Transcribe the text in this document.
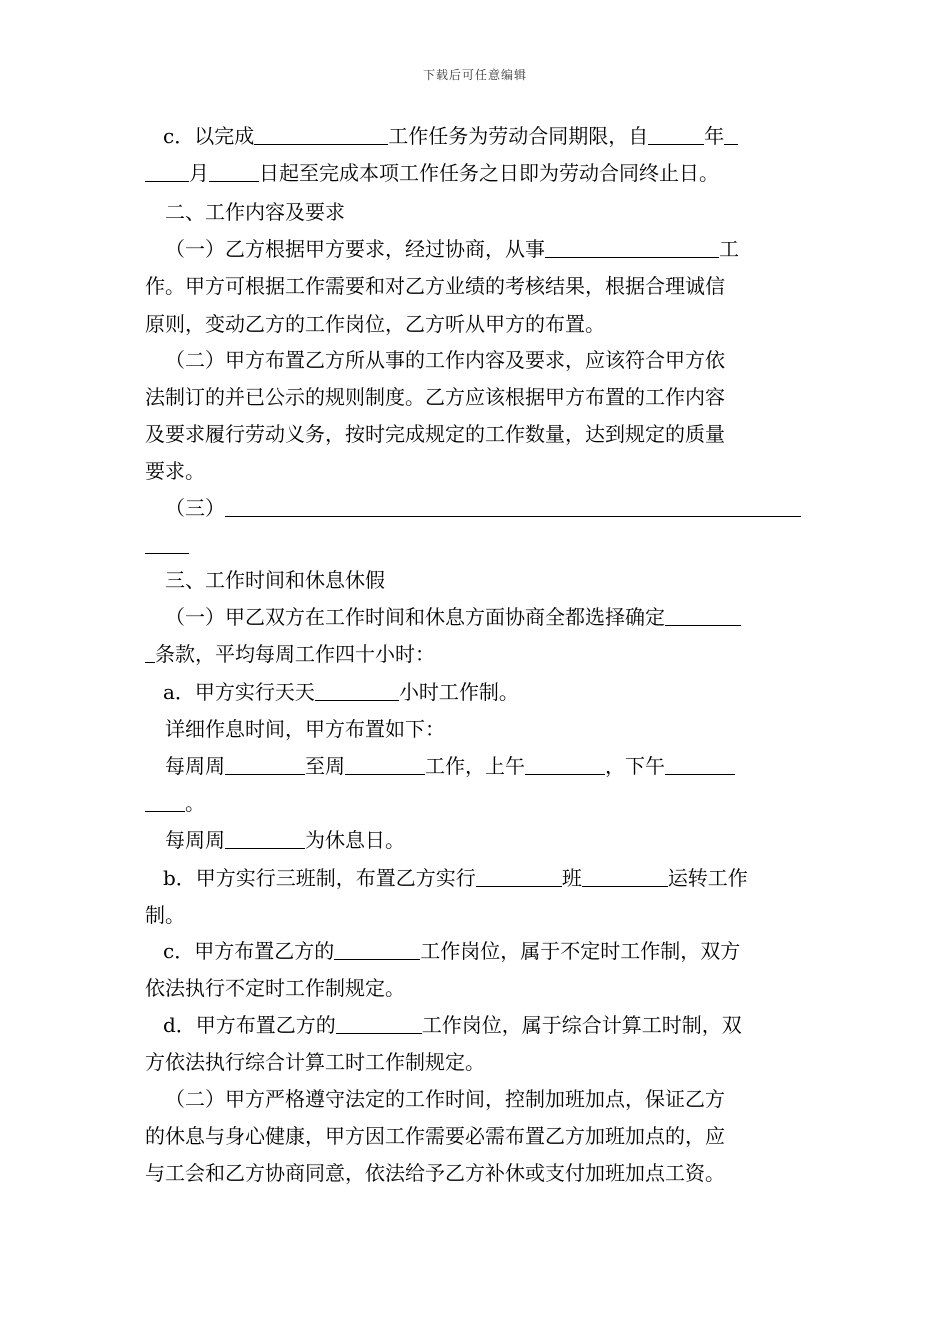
下载后可任意编辑
c．以完成	工作任务为劳动合同期限，自	年
月	日起至完成本项工作任务之日即为劳动合同终止日。
二、工作内容及要求
（一）乙方根据甲方要求，经过协商，从事	工
作。甲方可根据工作需要和对乙方业绩的考核结果，根据合理诚信
原则，变动乙方的工作岗位，乙方听从甲方的布置。
（二）甲方布置乙方所从事的工作内容及要求，应该符合甲方依
法制订的并已公示的规则制度。乙方应该根据甲方布置的工作内容
及要求履行劳动义务，按时完成规定的工作数量，达到规定的质量
要求。
（三）
三、工作时间和休息休假
（一）甲乙双方在工作时间和休息方面协商全都选择确定
条款，平均每周工作四十小时：
a．甲方实行天天	小时工作制。
详细作息时间，甲方布置如下：
每周周	至周	工作，上午	，下午
。
每周周	为休息日。
b．甲方实行三班制，布置乙方实行	班	运转工作
制。
c．甲方布置乙方的	工作岗位，属于不定时工作制，双方
依法执行不定时工作制规定。
d．甲方布置乙方的	工作岗位，属于综合计算工时制，双
方依法执行综合计算工时工作制规定。
（二）甲方严格遵守法定的工作时间，控制加班加点，保证乙方
的休息与身心健康，甲方因工作需要必需布置乙方加班加点的，应
与工会和乙方协商同意，依法给予乙方补休或支付加班加点工资。
